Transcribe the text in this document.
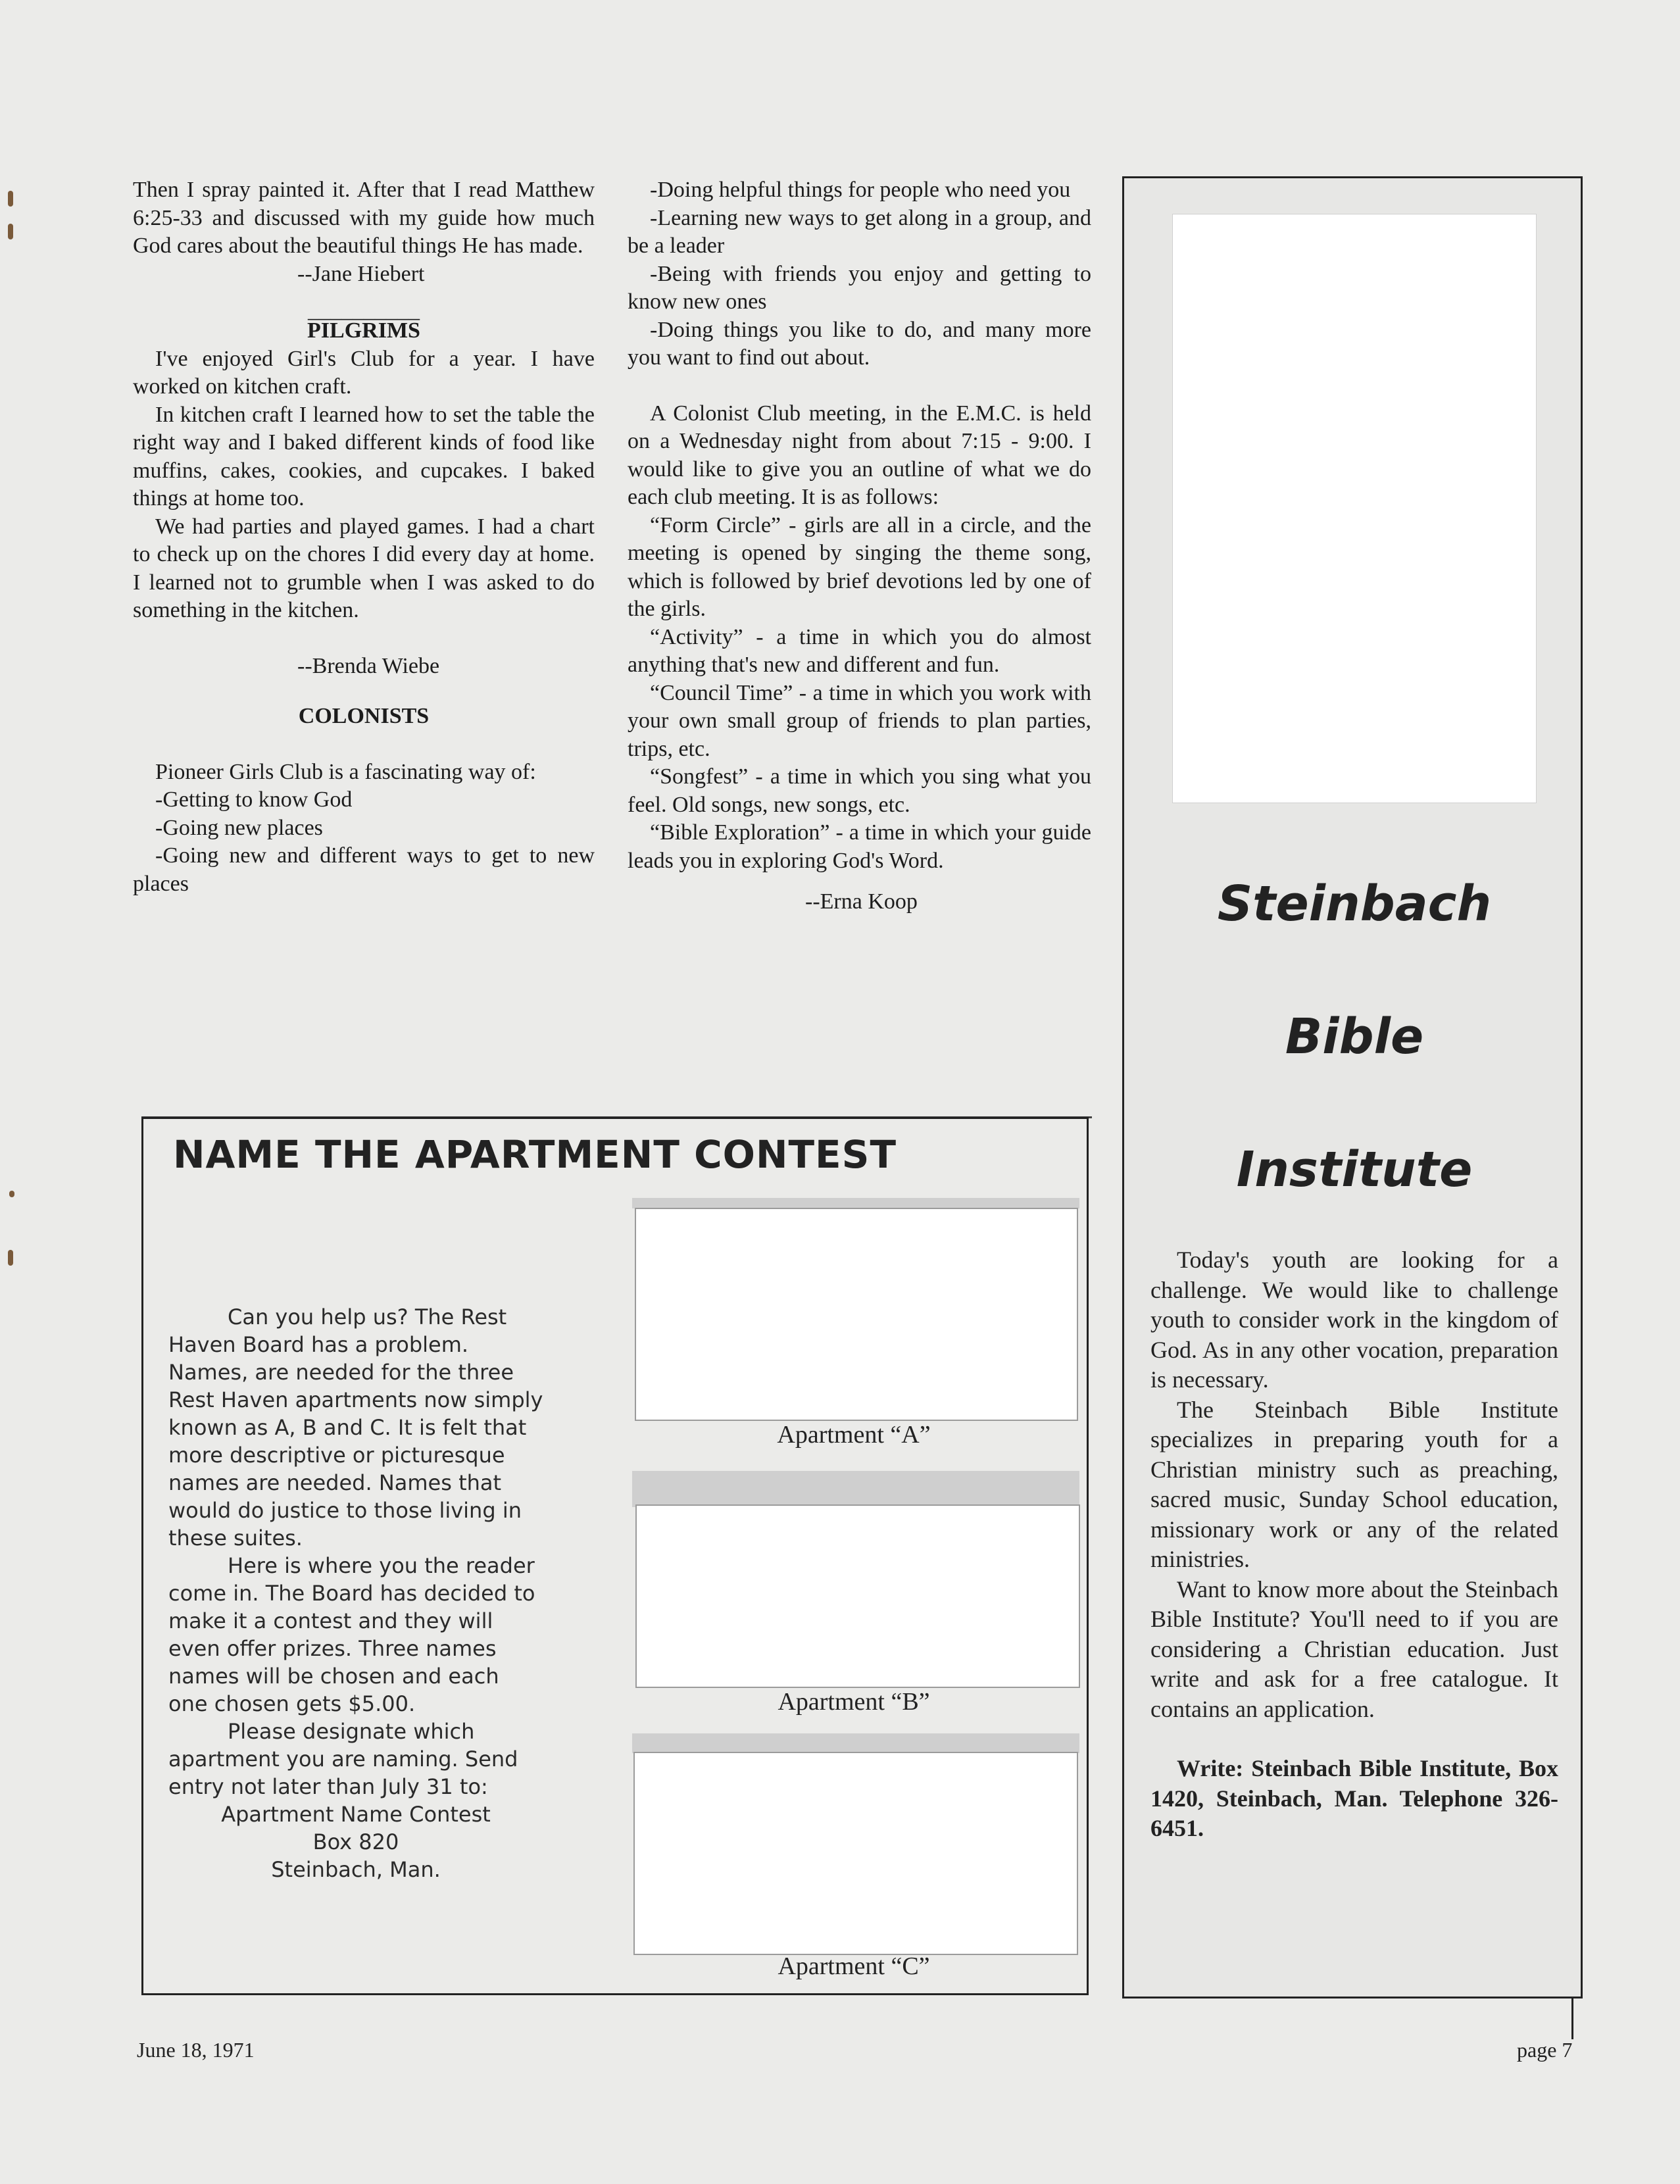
Then I spray painted it. After that I read Matthew 6:25-33 and discussed with my guide how much God cares about the beautiful things He has made.

--Jane Hiebert

__________
PILGRIMS

I've enjoyed Girl's Club for a year. I have worked on kitchen craft.

In kitchen craft I learned how to set the table the right way and I baked different kinds of food like muffins, cakes, cookies, and cupcakes. I baked things at home too.

We had parties and played games. I had a chart to check up on the chores I did every day at home. I learned not to grumble when I was asked to do something in the kitchen.

--Brenda Wiebe

COLONISTS

Pioneer Girls Club is a fascinating way of:

-Getting to know God

-Going new places

-Going new and different ways to get to new places

-Doing helpful things for people who need you

-Learning new ways to get along in a group, and be a leader

-Being with friends you enjoy and getting to know new ones

-Doing things you like to do, and many more you want to find out about.

A Colonist Club meeting, in the E.M.C. is held on a Wednesday night from about 7:15 - 9:00. I would like to give you an outline of what we do each club meeting. It is as follows:

“Form Circle” - girls are all in a circle, and the meeting is opened by singing the theme song, which is followed by brief devotions led by one of the girls.

“Activity” - a time in which you do almost anything that's new and different and fun.

“Council Time” - a time in which you work with your own small group of friends to plan parties, trips, etc.

“Songfest” - a time in which you sing what you feel. Old songs, new songs, etc.

“Bible Exploration” - a time in which your guide leads you in exploring God's Word.

--Erna Koop

NAME THE APARTMENT CONTEST

Can you help us? The Rest Haven Board has a problem. Names, are needed for the three Rest Haven apartments now simply known as A, B and C. It is felt that more descriptive or picturesque names are needed. Names that would do justice to those living in these suites.

Here is where you the reader come in. The Board has decided to make it a contest and they will even offer prizes. Three names names will be chosen and each one chosen gets $5.00.

Please designate which apartment you are naming. Send entry not later than July 31 to:

Apartment Name Contest

Box 820

Steinbach, Man.

Apartment “A”
Apartment “B”
Apartment “C”
Steinbach
Bible
Institute

Today's youth are looking for a challenge. We would like to challenge youth to consider work in the kingdom of God. As in any other vocation, preparation is necessary.

The Steinbach Bible Institute specializes in preparing youth for a Christian ministry such as preaching, sacred music, Sunday School education, missionary work or any of the related ministries.

Want to know more about the Steinbach Bible Institute? You'll need to if you are considering a Christian education. Just write and ask for a free catalogue. It contains an application.

Write: Steinbach Bible Institute, Box 1420, Steinbach, Man. Telephone 326-6451.

June 18, 1971	page 7
